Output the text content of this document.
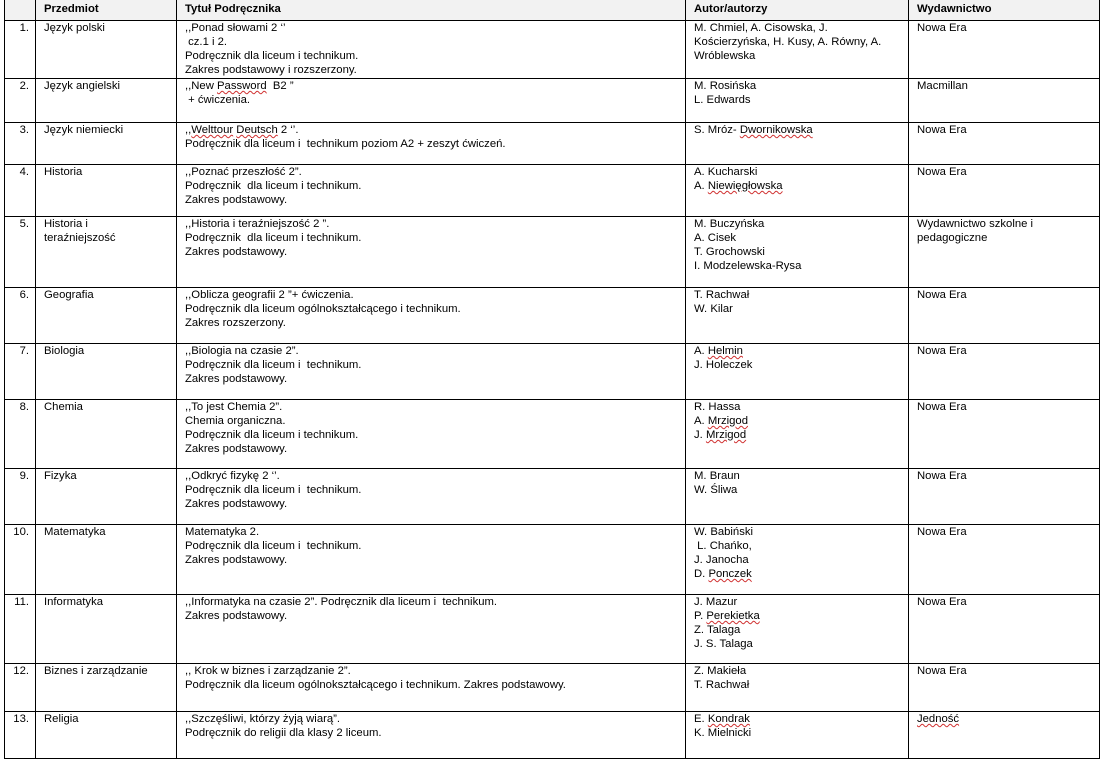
	Przedmiot	Tytuł Podręcznika	Autor/autorzy	Wydawnictwo
1.	Język polski	,,Ponad słowami 2 ‘’
cz.1 i 2.
Podręcznik dla liceum i technikum.
Zakres podstawowy i rozszerzony.	M. Chmiel, A. Cisowska, J.
Kościerzyńska, H. Kusy, A. Równy, A.
Wróblewska	Nowa Era

2.	Język angielski	,,New Password  B2 ”
+ ćwiczenia.	M. Rosińska
L. Edwards	Macmillan

3.	Język niemiecki	,,Welttour Deutsch 2 ‘’.
Podręcznik dla liceum i  technikum poziom A2 + zeszyt ćwiczeń.	S. Mróz- Dwornikowska	Nowa Era

4.	Historia	,,Poznać przeszłość 2”.
Podręcznik  dla liceum i technikum.
Zakres podstawowy.	A. Kucharski
A. Niewięgłowska	Nowa Era

5.	Historia i
teraźniejszość	,,Historia i teraźniejszość 2 ”.
Podręcznik  dla liceum i technikum.
Zakres podstawowy.	M. Buczyńska
A. Cisek
T. Grochowski
I. Modzelewska-Rysa	Wydawnictwo szkolne i
pedagogiczne

6.	Geografia	,,Oblicza geografii 2 ”+ ćwiczenia.
Podręcznik dla liceum ogólnokształcącego i technikum.
Zakres rozszerzony.	T. Rachwał
W. Kilar	Nowa Era

7.	Biologia	,,Biologia na czasie 2”.
Podręcznik dla liceum i  technikum.
Zakres podstawowy.	A. Helmin
J. Holeczek	Nowa Era

8.	Chemia	,,To jest Chemia 2”.
Chemia organiczna.
Podręcznik dla liceum i technikum.
Zakres podstawowy.	R. Hassa
A. Mrzigod
J. Mrzigod	Nowa Era

9.	Fizyka	,,Odkryć fizykę 2 ‘’.
Podręcznik dla liceum i  technikum.
Zakres podstawowy.	M. Braun
W. Śliwa	Nowa Era

10.	Matematyka	Matematyka 2.
Podręcznik dla liceum i  technikum.
Zakres podstawowy.	W. Babiński
L. Chańko,
J. Janocha
D. Ponczek	Nowa Era

11.	Informatyka	,,Informatyka na czasie 2”. Podręcznik dla liceum i  technikum.
Zakres podstawowy.	J. Mazur
P. Perekietka
Z. Talaga
J. S. Talaga	Nowa Era

12.	Biznes i zarządzanie	,, Krok w biznes i zarządzanie 2”.
Podręcznik dla liceum ogólnokształcącego i technikum. Zakres podstawowy.	Z. Makieła
T. Rachwał	Nowa Era

13.	Religia	,,Szczęśliwi, którzy żyją wiarą”.
Podręcznik do religii dla klasy 2 liceum.	E. Kondrak
K. Mielnicki	Jedność
